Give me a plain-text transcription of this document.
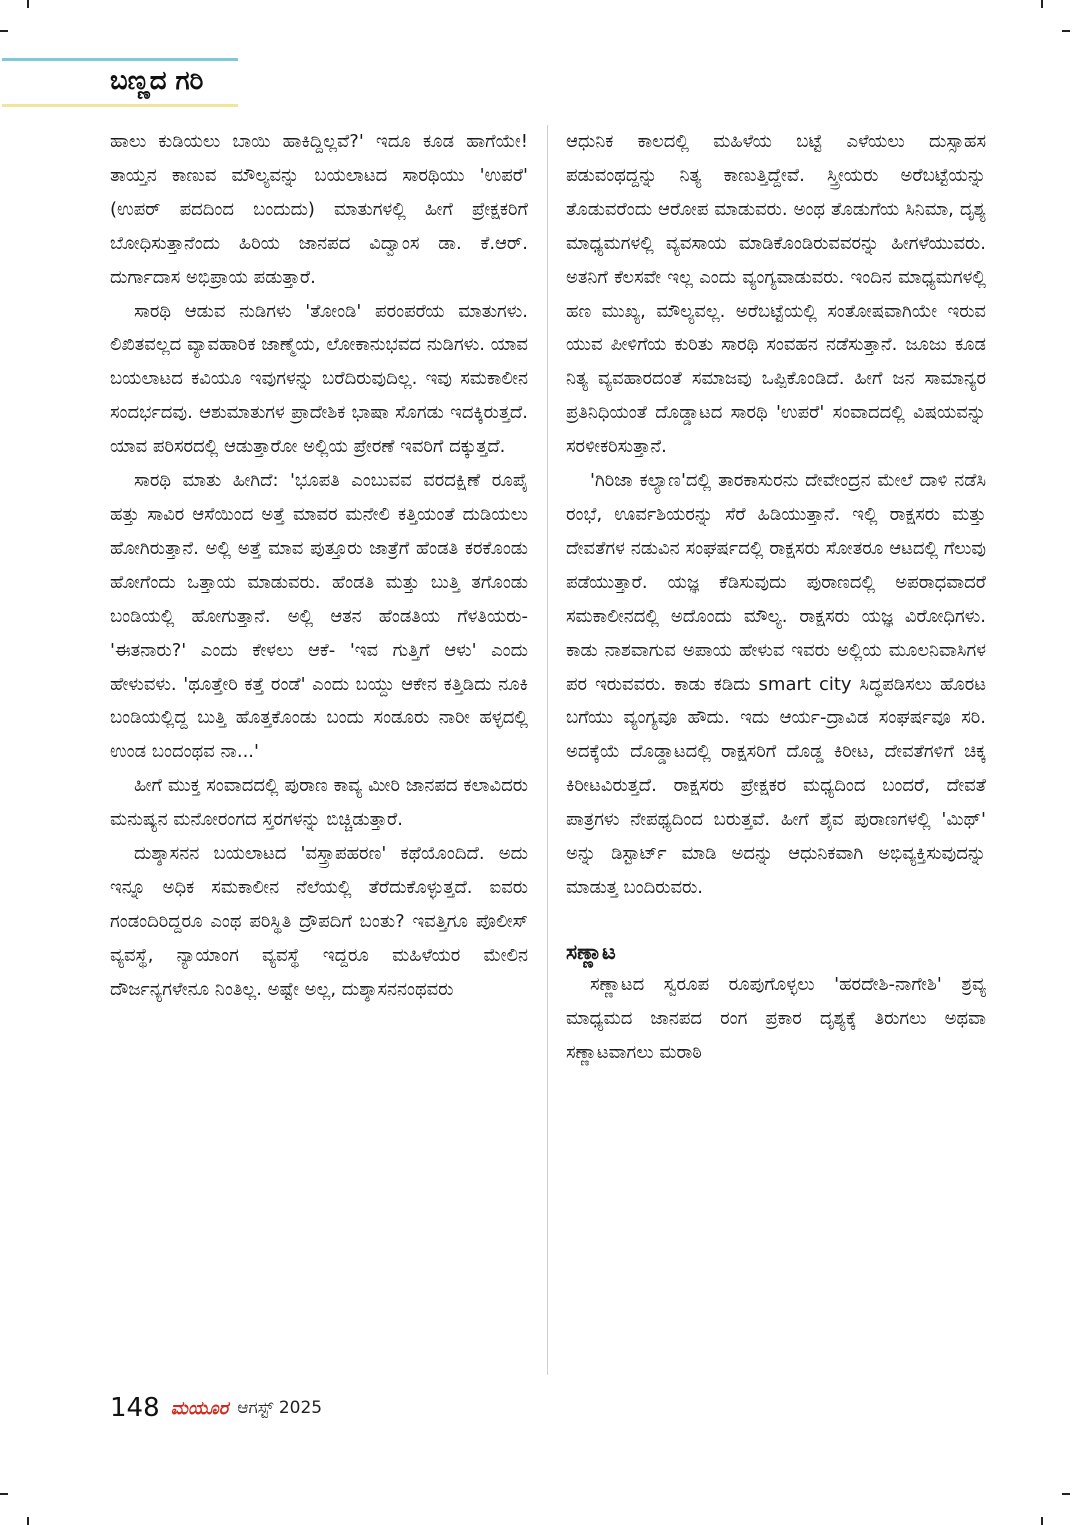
ಬಣ್ಣದ ಗರಿ

ಹಾಲು ಕುಡಿಯಲು ಬಾಯಿ ಹಾಕಿದ್ದಿಲ್ಲವೆ?' ಇದೂ ಕೂಡ ಹಾಗೆಯೇ! ತಾಯ್ತನ ಕಾಣುವ ಮೌಲ್ಯವನ್ನು ಬಯಲಾಟದ ಸಾರಥಿಯು 'ಉಪರೆ' (ಉಪರ್ ಪದದಿಂದ ಬಂದುದು) ಮಾತುಗಳಲ್ಲಿ ಹೀಗೆ ಪ್ರೇಕ್ಷಕರಿಗೆ ಬೋಧಿಸುತ್ತಾನೆಂದು ಹಿರಿಯ ಜಾನಪದ ವಿದ್ವಾಂಸ ಡಾ. ಕೆ.ಆರ್. ದುರ್ಗಾದಾಸ ಅಭಿಪ್ರಾಯ ಪಡುತ್ತಾರೆ.

ಸಾರಥಿ ಆಡುವ ನುಡಿಗಳು 'ತೋಂಡಿ' ಪರಂಪರೆಯ ಮಾತುಗಳು. ಲಿಖಿತವಲ್ಲದ ವ್ಯಾವಹಾರಿಕ ಜಾಣ್ಮೆಯ, ಲೋಕಾನುಭವದ ನುಡಿಗಳು. ಯಾವ ಬಯಲಾಟದ ಕವಿಯೂ ಇವುಗಳನ್ನು ಬರೆದಿರುವುದಿಲ್ಲ. ಇವು ಸಮಕಾಲೀನ ಸಂದರ್ಭದವು. ಆಶುಮಾತುಗಳ ಪ್ರಾದೇಶಿಕ ಭಾಷಾ ಸೊಗಡು ಇದಕ್ಕಿರುತ್ತದೆ. ಯಾವ ಪರಿಸರದಲ್ಲಿ ಆಡುತ್ತಾರೋ ಅಲ್ಲಿಯ ಪ್ರೇರಣೆ ಇವರಿಗೆ ದಕ್ಕುತ್ತದೆ.

ಸಾರಥಿ ಮಾತು ಹೀಗಿದೆ: 'ಭೂಪತಿ ಎಂಬುವವ ವರದಕ್ಷಿಣೆ ರೂಪೈ ಹತ್ತು ಸಾವಿರ ಆಸೆಯಿಂದ ಅತ್ತೆ ಮಾವರ ಮನೇಲಿ ಕತ್ತಿಯಂತೆ ದುಡಿಯಲು ಹೋಗಿರುತ್ತಾನೆ. ಅಲ್ಲಿ ಅತ್ತೆ ಮಾವ ಪುತ್ತೂರು ಜಾತ್ರೆಗೆ ಹೆಂಡತಿ ಕರಕೊಂಡು ಹೋಗೆಂದು ಒತ್ತಾಯ ಮಾಡುವರು. ಹೆಂಡತಿ ಮತ್ತು ಬುತ್ತಿ ತಗೊಂಡು ಬಂಡಿಯಲ್ಲಿ ಹೋಗುತ್ತಾನೆ. ಅಲ್ಲಿ ಆತನ ಹೆಂಡತಿಯ ಗೆಳತಿಯರು- 'ಈತನಾರು?' ಎಂದು ಕೇಳಲು ಆಕೆ- 'ಇವ ಗುತ್ತಿಗೆ ಆಳು' ಎಂದು ಹೇಳುವಳು. 'ಥೂತ್ತೇರಿ ಕತ್ತೆ ರಂಡೆ' ಎಂದು ಬಯ್ದು ಆಕೇನ ಕತ್ತಿಡಿದು ನೂಕಿ ಬಂಡಿಯಲ್ಲಿದ್ದ ಬುತ್ತಿ ಹೊತ್ತಕೊಂಡು ಬಂದು ಸಂಡೂರು ನಾರೀ ಹಳ್ಳದಲ್ಲಿ ಉಂಡ ಬಂದಂಥವ ನಾ...'

ಹೀಗೆ ಮುಕ್ತ ಸಂವಾದದಲ್ಲಿ ಪುರಾಣ ಕಾವ್ಯ ಮೀರಿ ಜಾನಪದ ಕಲಾವಿದರು ಮನುಷ್ಯನ ಮನೋರಂಗದ ಸ್ತರಗಳನ್ನು ಬಿಚ್ಚಿಡುತ್ತಾರೆ.

ದುಶ್ಶಾಸನನ ಬಯಲಾಟದ 'ವಸ್ತ್ರಾಪಹರಣ' ಕಥೆಯೊಂದಿದೆ. ಅದು ಇನ್ನೂ ಅಧಿಕ ಸಮಕಾಲೀನ ನೆಲೆಯಲ್ಲಿ ತೆರೆದುಕೊಳ್ಳುತ್ತದೆ. ಐವರು ಗಂಡಂದಿರಿದ್ದರೂ ಎಂಥ ಪರಿಸ್ಥಿತಿ ದ್ರೌಪದಿಗೆ ಬಂತು? ಇವತ್ತಿಗೂ ಪೊಲೀಸ್ ವ್ಯವಸ್ಥೆ, ನ್ಯಾಯಾಂಗ ವ್ಯವಸ್ಥೆ ಇದ್ದರೂ ಮಹಿಳೆಯರ ಮೇಲಿನ ದೌರ್ಜನ್ಯಗಳೇನೂ ನಿಂತಿಲ್ಲ. ಅಷ್ಟೇ ಅಲ್ಲ, ದುಶ್ಶಾಸನನಂಥವರು

ಆಧುನಿಕ ಕಾಲದಲ್ಲಿ ಮಹಿಳೆಯ ಬಟ್ಟೆ ಎಳೆಯಲು ದುಸ್ಸಾಹಸ ಪಡುವಂಥದ್ದನ್ನು ನಿತ್ಯ ಕಾಣುತ್ತಿದ್ದೇವೆ. ಸ್ತ್ರೀಯರು ಅರೆಬಟ್ಟೆಯನ್ನು ತೊಡುವರೆಂದು ಆರೋಪ ಮಾಡುವರು. ಅಂಥ ತೊಡುಗೆಯ ಸಿನಿಮಾ, ದೃಶ್ಯ ಮಾಧ್ಯಮಗಳಲ್ಲಿ ವ್ಯವಸಾಯ ಮಾಡಿಕೊಂಡಿರುವವರನ್ನು ಹೀಗಳೆಯುವರು. ಅತನಿಗೆ ಕೆಲಸವೇ ಇಲ್ಲ ಎಂದು ವ್ಯಂಗ್ಯವಾಡುವರು. ಇಂದಿನ ಮಾಧ್ಯಮಗಳಲ್ಲಿ ಹಣ ಮುಖ್ಯ, ಮೌಲ್ಯವಲ್ಲ. ಅರೆಬಟ್ಟೆಯಲ್ಲಿ ಸಂತೋಷವಾಗಿಯೇ ಇರುವ ಯುವ ಪೀಳಿಗೆಯ ಕುರಿತು ಸಾರಥಿ ಸಂವಹನ ನಡೆಸುತ್ತಾನೆ. ಜೂಜು ಕೂಡ ನಿತ್ಯ ವ್ಯವಹಾರದಂತೆ ಸಮಾಜವು ಒಪ್ಪಿಕೊಂಡಿದೆ. ಹೀಗೆ ಜನ ಸಾಮಾನ್ಯರ ಪ್ರತಿನಿಧಿಯಂತೆ ದೊಡ್ಡಾಟದ ಸಾರಥಿ 'ಉಪರೆ' ಸಂವಾದದಲ್ಲಿ ವಿಷಯವನ್ನು ಸರಳೀಕರಿಸುತ್ತಾನೆ.

'ಗಿರಿಜಾ ಕಲ್ಯಾಣ'ದಲ್ಲಿ ತಾರಕಾಸುರನು ದೇವೇಂದ್ರನ ಮೇಲೆ ದಾಳಿ ನಡೆಸಿ ರಂಭೆ, ಊರ್ವಶಿಯರನ್ನು ಸೆರೆ ಹಿಡಿಯುತ್ತಾನೆ. ಇಲ್ಲಿ ರಾಕ್ಷಸರು ಮತ್ತು ದೇವತೆಗಳ ನಡುವಿನ ಸಂಘರ್ಷದಲ್ಲಿ ರಾಕ್ಷಸರು ಸೋತರೂ ಆಟದಲ್ಲಿ ಗೆಲುವು ಪಡೆಯುತ್ತಾರೆ. ಯಜ್ಞ ಕೆಡಿಸುವುದು ಪುರಾಣದಲ್ಲಿ ಅಪರಾಧವಾದರೆ ಸಮಕಾಲೀನದಲ್ಲಿ ಅದೊಂದು ಮೌಲ್ಯ. ರಾಕ್ಷಸರು ಯಜ್ಞ ವಿರೋಧಿಗಳು. ಕಾಡು ನಾಶವಾಗುವ ಅಪಾಯ ಹೇಳುವ ಇವರು ಅಲ್ಲಿಯ ಮೂಲನಿವಾಸಿಗಳ ಪರ ಇರುವವರು. ಕಾಡು ಕಡಿದು smart city ಸಿದ್ಧಪಡಿಸಲು ಹೊರಟ ಬಗೆಯು ವ್ಯಂಗ್ಯವೂ ಹೌದು. ಇದು ಆರ್ಯ-ದ್ರಾವಿಡ ಸಂಘರ್ಷವೂ ಸರಿ. ಅದಕ್ಕೆಯೆ ದೊಡ್ಡಾಟದಲ್ಲಿ ರಾಕ್ಷಸರಿಗೆ ದೊಡ್ಡ ಕಿರೀಟ, ದೇವತೆಗಳಿಗೆ ಚಿಕ್ಕ ಕಿರೀಟವಿರುತ್ತದೆ. ರಾಕ್ಷಸರು ಪ್ರೇಕ್ಷಕರ ಮಧ್ಯದಿಂದ ಬಂದರೆ, ದೇವತೆ ಪಾತ್ರಗಳು ನೇಪಥ್ಯದಿಂದ ಬರುತ್ತವೆ. ಹೀಗೆ ಶೈವ ಪುರಾಣಗಳಲ್ಲಿ 'ಮಿಥ್' ಅನ್ನು ಡಿಸ್ಟಾರ್ಟ್ ಮಾಡಿ ಅದನ್ನು ಆಧುನಿಕವಾಗಿ ಅಭಿವ್ಯಕ್ತಿಸುವುದನ್ನು ಮಾಡುತ್ತ ಬಂದಿರುವರು.

ಸಣ್ಣಾಟ

ಸಣ್ಣಾಟದ ಸ್ವರೂಪ ರೂಪುಗೊಳ್ಳಲು 'ಹರದೇಶಿ-ನಾಗೇಶಿ' ಶ್ರವ್ಯ ಮಾಧ್ಯಮದ ಜಾನಪದ ರಂಗ ಪ್ರಕಾರ ದೃಶ್ಯಕ್ಕೆ ತಿರುಗಲು ಅಥವಾ ಸಣ್ಣಾಟವಾಗಲು ಮರಾಠಿ

148 ಮಯೂರ ಆಗಸ್ಟ್ 2025
